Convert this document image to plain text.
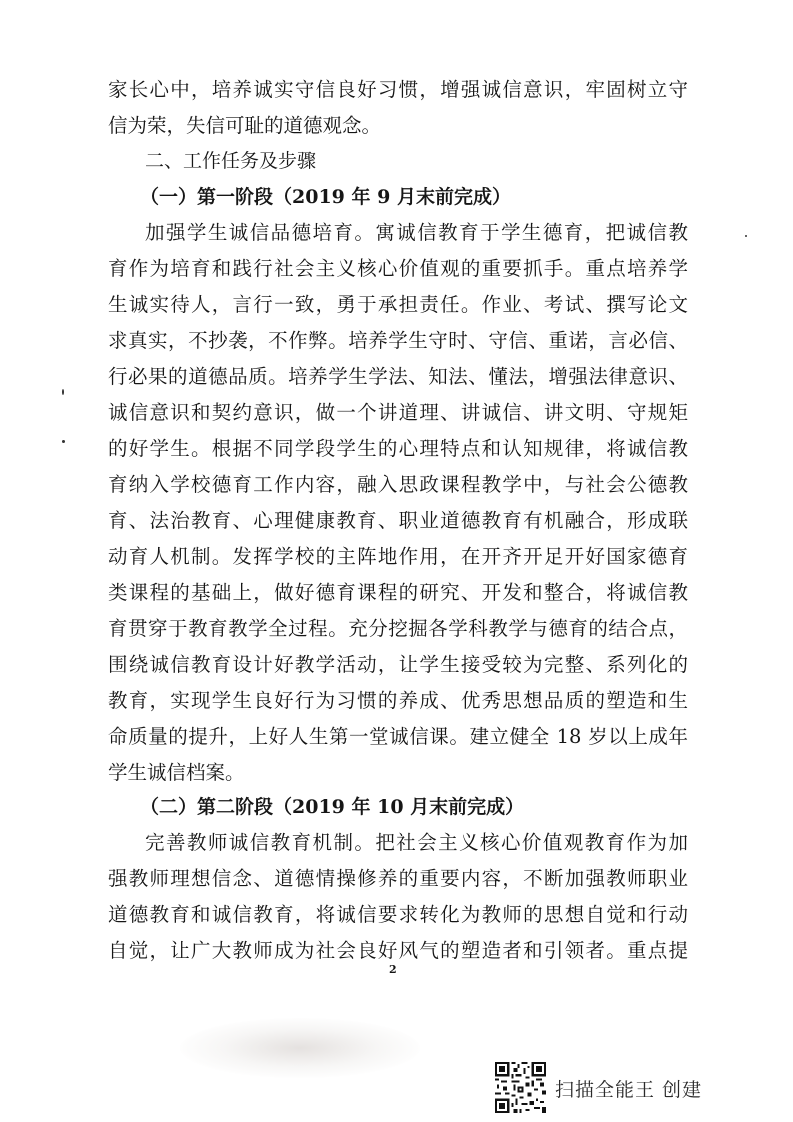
家长心中，培养诚实守信良好习惯，增强诚信意识，牢固树立守
信为荣，失信可耻的道德观念。
二、工作任务及步骤
（一）第一阶段（2019 年 9 月末前完成）
加强学生诚信品德培育。寓诚信教育于学生德育，把诚信教
育作为培育和践行社会主义核心价值观的重要抓手。重点培养学
生诚实待人，言行一致，勇于承担责任。作业、考试、撰写论文
求真实，不抄袭，不作弊。培养学生守时、守信、重诺，言必信、
行必果的道德品质。培养学生学法、知法、懂法，增强法律意识、
诚信意识和契约意识，做一个讲道理、讲诚信、讲文明、守规矩
的好学生。根据不同学段学生的心理特点和认知规律，将诚信教
育纳入学校德育工作内容，融入思政课程教学中，与社会公德教
育、法治教育、心理健康教育、职业道德教育有机融合，形成联
动育人机制。发挥学校的主阵地作用，在开齐开足开好国家德育
类课程的基础上，做好德育课程的研究、开发和整合，将诚信教
育贯穿于教育教学全过程。充分挖掘各学科教学与德育的结合点，
围绕诚信教育设计好教学活动，让学生接受较为完整、系列化的
教育，实现学生良好行为习惯的养成、优秀思想品质的塑造和生
命质量的提升，上好人生第一堂诚信课。建立健全 18 岁以上成年
学生诚信档案。
（二）第二阶段（2019 年 10 月末前完成）
完善教师诚信教育机制。把社会主义核心价值观教育作为加
强教师理想信念、道德情操修养的重要内容，不断加强教师职业
道德教育和诚信教育，将诚信要求转化为教师的思想自觉和行动
自觉，让广大教师成为社会良好风气的塑造者和引领者。重点提
2
扫描全能王 创建
